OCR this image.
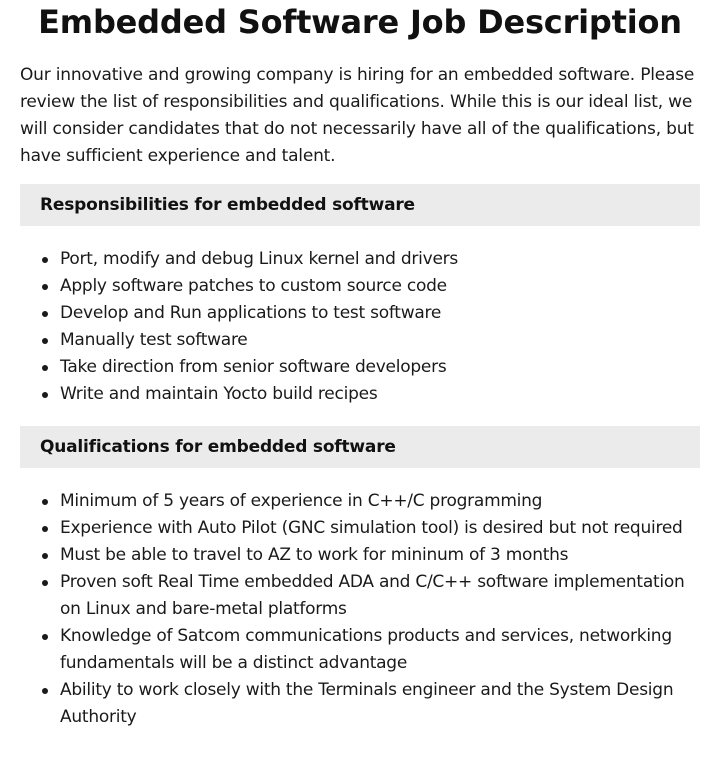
Embedded Software Job Description

Our innovative and growing company is hiring for an embedded software. Please review the list of responsibilities and qualifications. While this is our ideal list, we will consider candidates that do not necessarily have all of the qualifications, but have sufficient experience and talent.

Responsibilities for embedded software
Port, modify and debug Linux kernel and drivers
Apply software patches to custom source code
Develop and Run applications to test software
Manually test software
Take direction from senior software developers
Write and maintain Yocto build recipes
Qualifications for embedded software
Minimum of 5 years of experience in C++/C programming
Experience with Auto Pilot (GNC simulation tool) is desired but not required
Must be able to travel to AZ to work for mininum of 3 months
Proven soft Real Time embedded ADA and C/C++ software implementation on Linux and bare-metal platforms
Knowledge of Satcom communications products and services, networking fundamentals will be a distinct advantage
Ability to work closely with the Terminals engineer and the System Design Authority
